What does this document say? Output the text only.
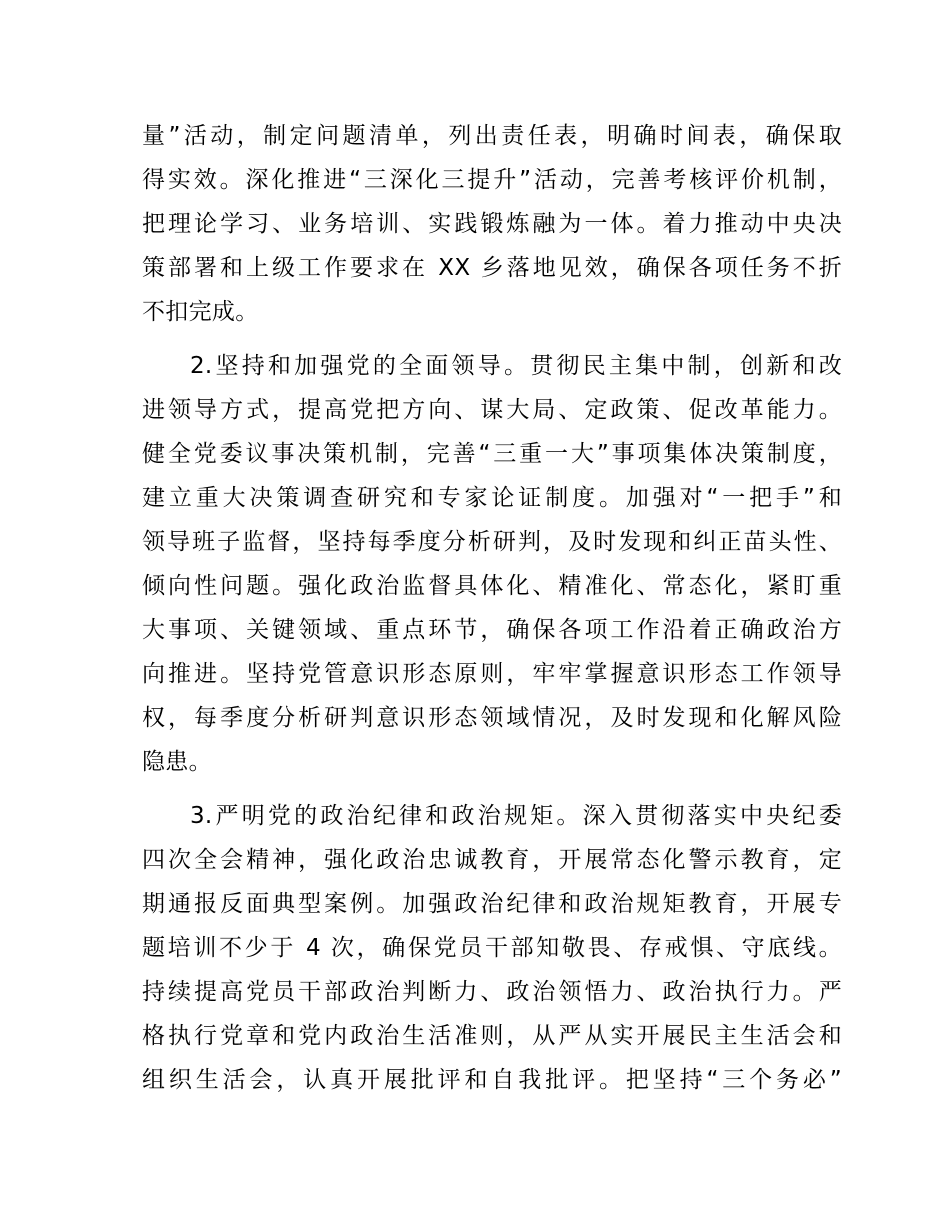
量”活动，制定问题清单，列出责任表，明确时间表，确保取
得实效。深化推进“三深化三提升”活动，完善考核评价机制，
把理论学习、业务培训、实践锻炼融为一体。着力推动中央决
策部署和上级工作要求在 XX 乡落地见效，确保各项任务不折
不扣完成。
2.坚持和加强党的全面领导。贯彻民主集中制，创新和改
进领导方式，提高党把方向、谋大局、定政策、促改革能力。
健全党委议事决策机制，完善“三重一大”事项集体决策制度，
建立重大决策调查研究和专家论证制度。加强对“一把手”和
领导班子监督，坚持每季度分析研判，及时发现和纠正苗头性、
倾向性问题。强化政治监督具体化、精准化、常态化，紧盯重
大事项、关键领域、重点环节，确保各项工作沿着正确政治方
向推进。坚持党管意识形态原则，牢牢掌握意识形态工作领导
权，每季度分析研判意识形态领域情况，及时发现和化解风险
隐患。
3.严明党的政治纪律和政治规矩。深入贯彻落实中央纪委
四次全会精神，强化政治忠诚教育，开展常态化警示教育，定
期通报反面典型案例。加强政治纪律和政治规矩教育，开展专
题培训不少于 4 次，确保党员干部知敬畏、存戒惧、守底线。
持续提高党员干部政治判断力、政治领悟力、政治执行力。严
格执行党章和党内政治生活准则，从严从实开展民主生活会和
组织生活会，认真开展批评和自我批评。把坚持“三个务必”
